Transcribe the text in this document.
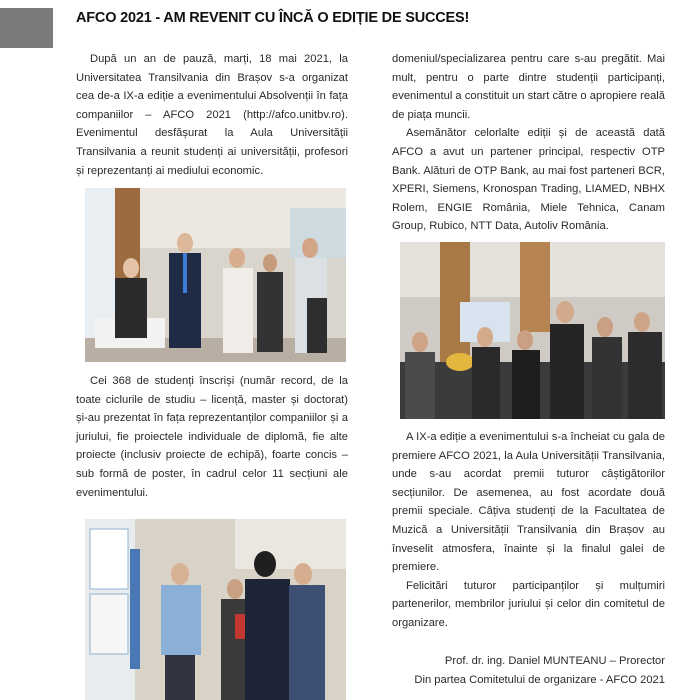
AFCO 2021 - AM REVENIT CU ÎNCĂ O EDIȚIE DE SUCCES!

După un an de pauză, marți, 18 mai 2021, la Universitatea Transilvania din Brașov s-a organizat cea de-a IX-a ediție a evenimentului Absolvenții în fața companiilor – AFCO 2021 (http://afco.unitbv.ro). Evenimentul desfășurat la Aula Universității Transilvania a reunit studenți ai universității, profesori și reprezentanți ai mediului economic.

Cei 368 de studenți înscriși (număr record, de la toate ciclurile de studiu – licență, master și doctorat) și-au prezentat în fața reprezentanților companiilor și a juriului, fie proiectele individuale de diplomă, fie alte proiecte (inclusiv proiecte de echipă), foarte concis – sub formă de poster, în cadrul celor 11 secțiuni ale evenimentului.

domeniul/specializarea pentru care s-au pregătit. Mai mult, pentru o parte dintre studenții participanți, evenimentul a constituit un start către o apropiere reală de piața muncii.

Asemănător celorlalte ediții și de această dată AFCO a avut un partener principal, respectiv OTP Bank. Alături de OTP Bank, au mai fost parteneri BCR, XPERI, Siemens, Kronospan Trading, LIAMED, NBHX Rolem, ENGIE România, Miele Tehnica, Canam Group, Rubico, NTT Data, Autoliv România.

A IX-a ediție a evenimentului s-a încheiat cu gala de premiere AFCO 2021, la Aula Universității Transilvania, unde s-au acordat premii tuturor câștigătorilor secțiunilor. De asemenea, au fost acordate două premii speciale. Câțiva studenți de la Facultatea de Muzică a Universității Transilvania din Brașov au înveselit atmosfera, înainte și la finalul galei de premiere.

Felicitări tuturor participanților și mulțumiri partenerilor, membrilor juriului și celor din comitetul de organizare.

Prof. dr. ing. Daniel MUNTEANU – Prorector
Din partea Comitetului de organizare - AFCO 2021
